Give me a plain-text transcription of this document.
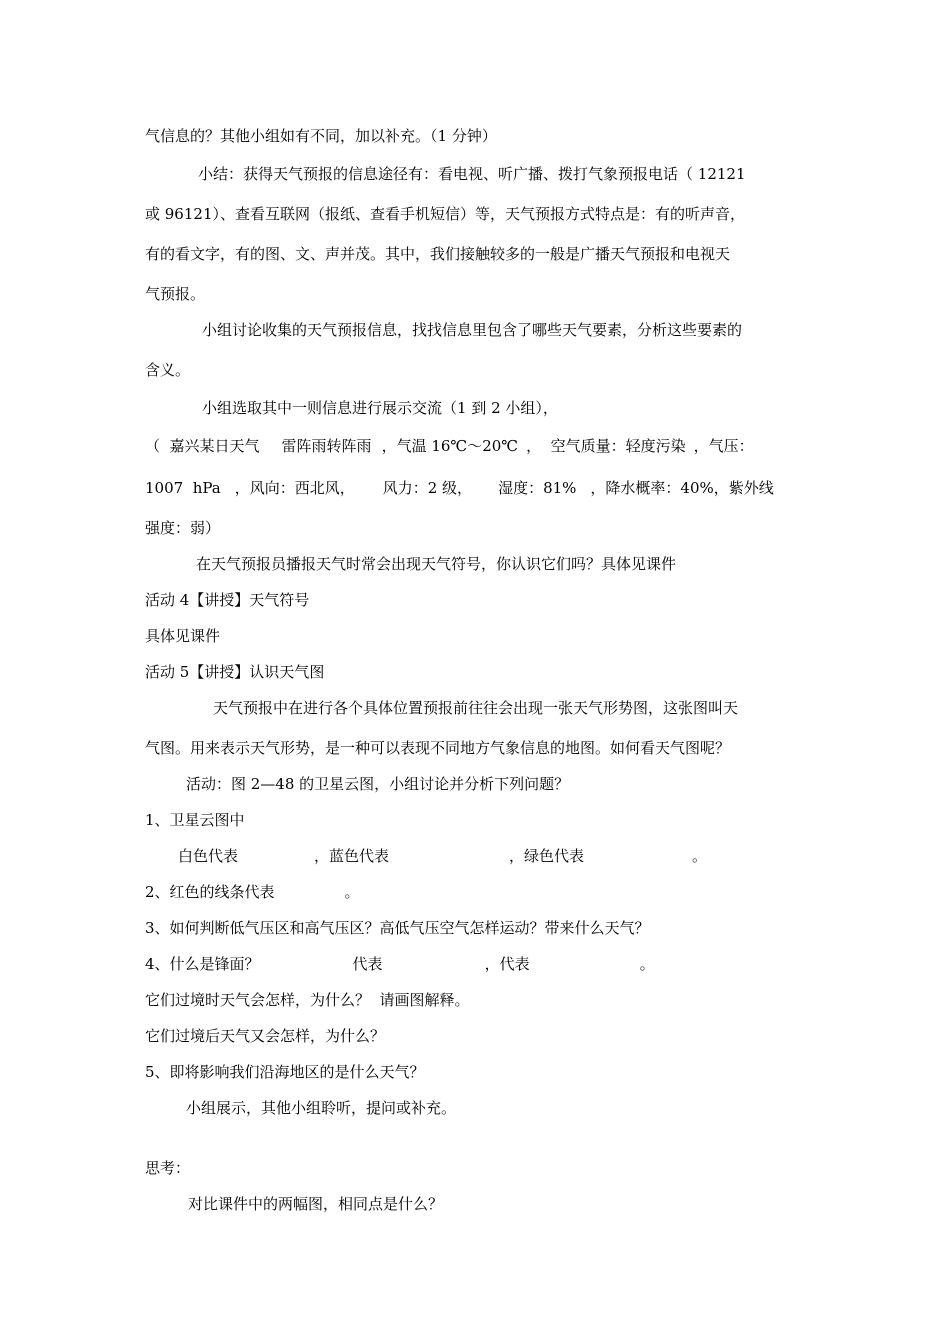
气信息的？其他小组如有不同，加以补充。（1 分钟）
小结：获得天气预报的信息途径有：看电视、听广播、拨打气象预报电话（ 12121
或 96121）、查看互联网（报纸、查看手机短信）等，天气预报方式特点是：有的听声音，
有的看文字，有的图、文、声并茂。其中，我们接触较多的一般是广播天气预报和电视天
气预报。
小组讨论收集的天气预报信息，找找信息里包含了哪些天气要素，分析这些要素的
含义。
小组选取其中一则信息进行展示交流（1 到 2 小组），
（  嘉兴某日天气 雷阵雨转阵雨 ，气温 16℃～20℃ ，  空气质量：轻度污染 ，气压：
1007  hPa ，风向：西北风， 风力：2 级， 湿度：81% ，降水概率：40%，紫外线
强度：弱）
在天气预报员播报天气时常会出现天气符号，你认识它们吗？具体见课件
活动 4【讲授】天气符号
具体见课件
活动 5【讲授】认识天气图
天气预报中在进行各个具体位置预报前往往会出现一张天气形势图，这张图叫天
气图。用来表示天气形势，是一种可以表现不同地方气象信息的地图。如何看天气图呢？
活动：图 2—48 的卫星云图，小组讨论并分析下列问题？
1、卫星云图中
白色代表	，蓝色代表	，绿色代表	。
2、红色的线条代表	。
3、如何判断低气压区和高气压区？高低气压空气怎样运动？带来什么天气？
4、什么是锋面？	代表	，代表	。
它们过境时天气会怎样，为什么？  请画图解释。
它们过境后天气又会怎样，为什么？
5、即将影响我们沿海地区的是什么天气？
小组展示，其他小组聆听，提问或补充。
思考：
对比课件中的两幅图，相同点是什么？
